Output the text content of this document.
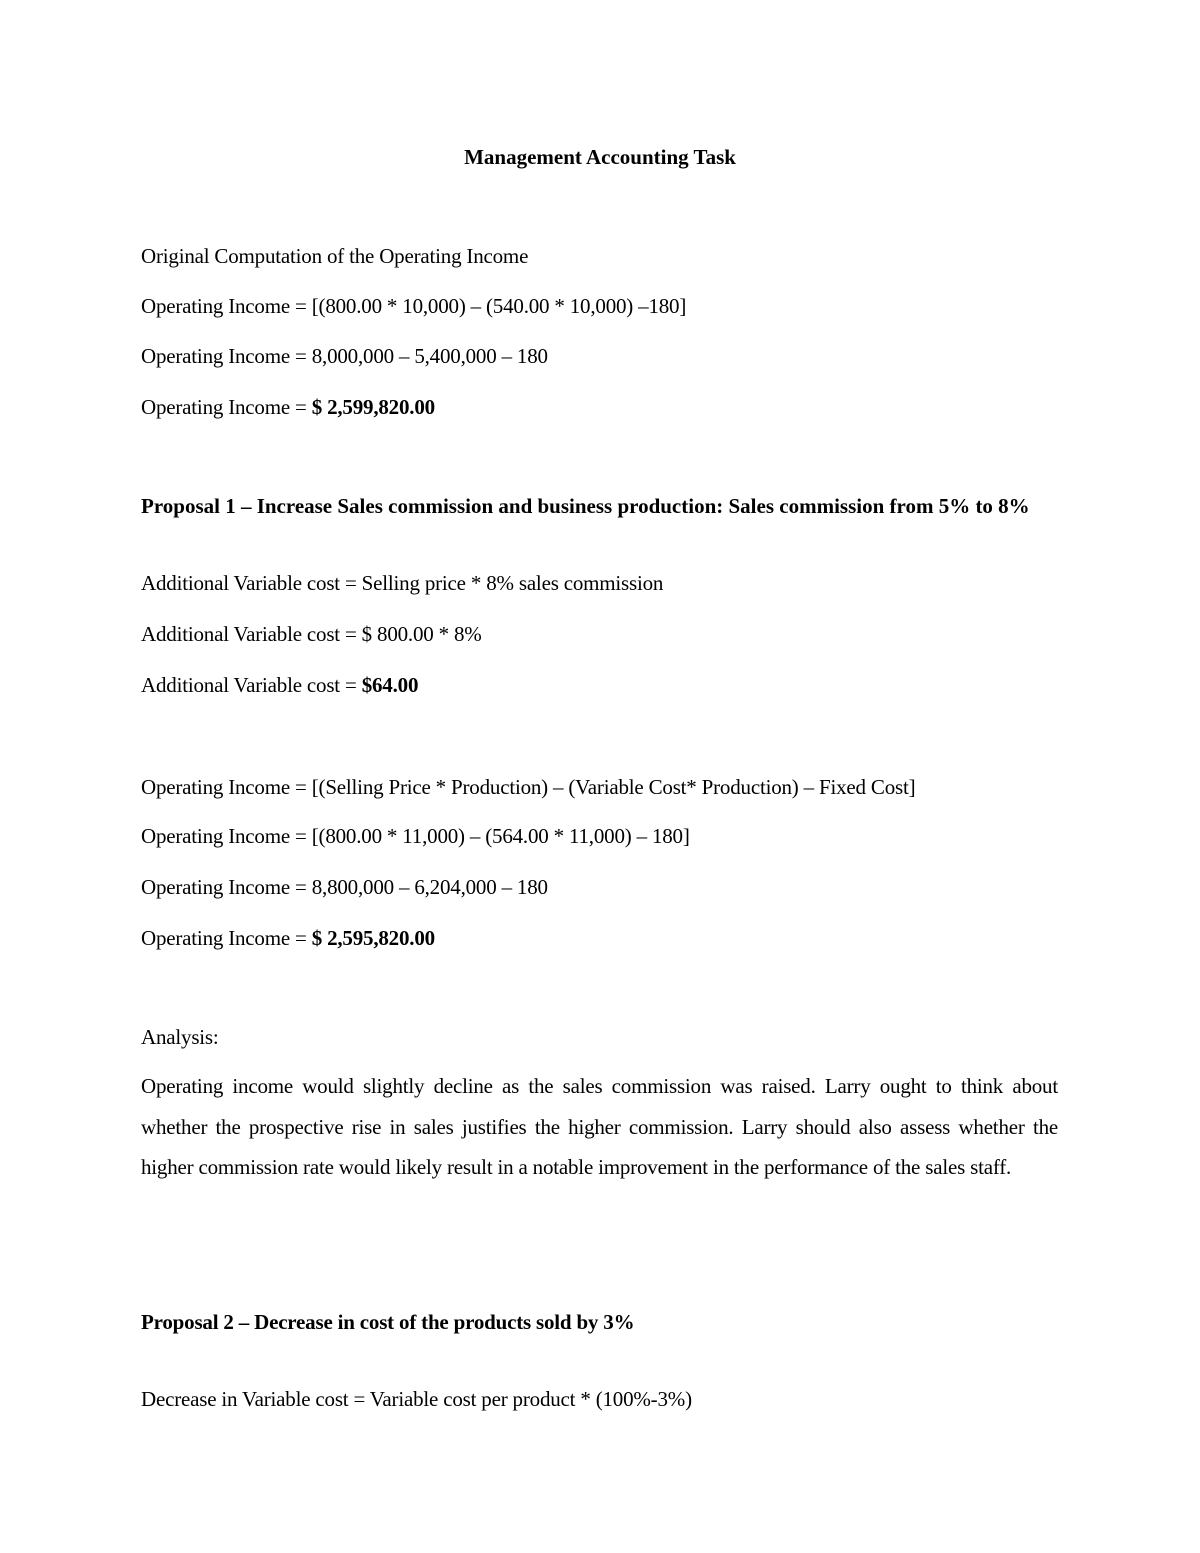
Management Accounting Task
Original Computation of the Operating Income
Operating Income = [(800.00 * 10,000) – (540.00 * 10,000) –180]
Operating Income = 8,000,000 – 5,400,000 – 180
Operating Income = $ 2,599,820.00
Proposal 1 – Increase Sales commission and business production: Sales commission from 5% to 8%
Additional Variable cost = Selling price * 8% sales commission
Additional Variable cost = $ 800.00 * 8%
Additional Variable cost = $64.00
Operating Income = [(Selling Price * Production) – (Variable Cost* Production) – Fixed Cost]
Operating Income = [(800.00 * 11,000) – (564.00 * 11,000) – 180]
Operating Income = 8,800,000 – 6,204,000 – 180
Operating Income = $ 2,595,820.00
Analysis:
Operating income would slightly decline as the sales commission was raised. Larry ought to think about whether the prospective rise in sales justifies the higher commission. Larry should also assess whether the higher commission rate would likely result in a notable improvement in the performance of the sales staff.
Proposal 2 – Decrease in cost of the products sold by 3%
Decrease in Variable cost = Variable cost per product * (100%-3%)
